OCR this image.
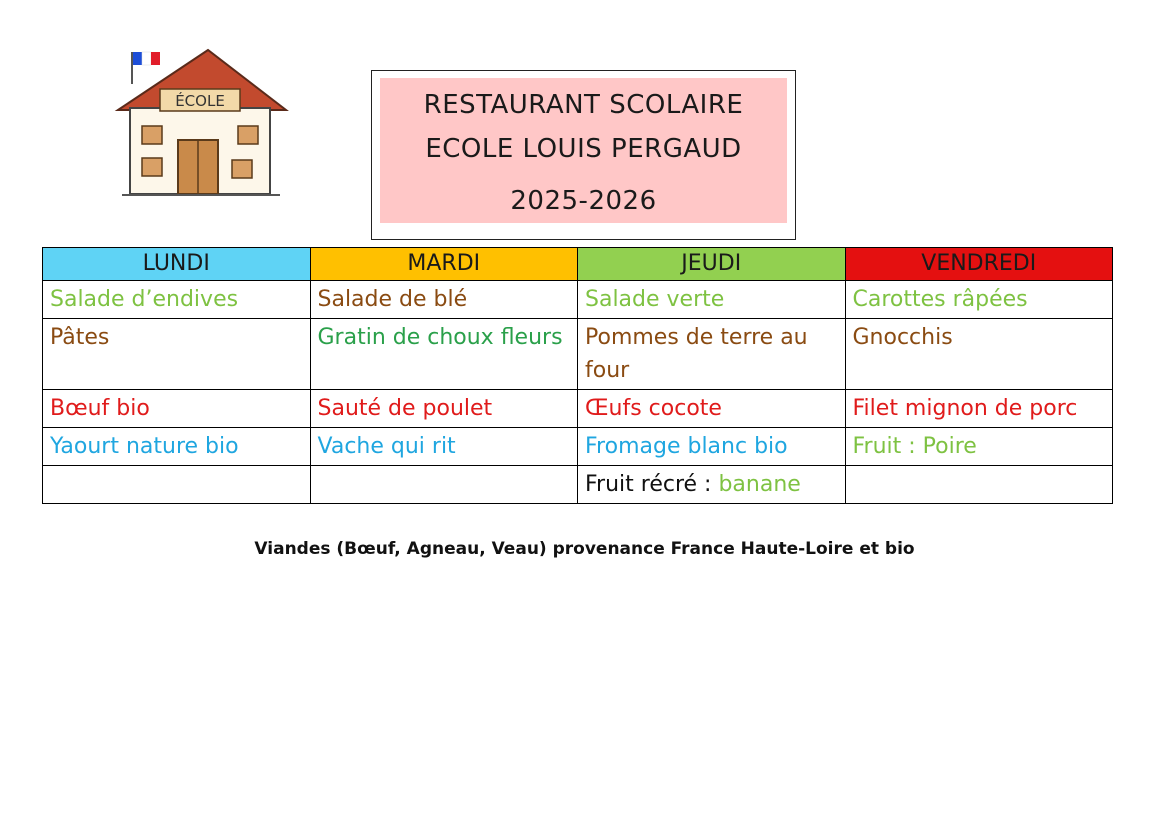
ÉCOLE	RESTAURANT SCOLAIRE
ECOLE LOUIS PERGAUD
2025-2026
LUNDI	MARDI	JEUDI	VENDREDI
Salade d’endives	Salade de blé	Salade verte	Carottes râpées
Pâtes	Gratin de choux fleurs	Pommes de terre au four	Gnocchis
Bœuf bio	Sauté de poulet	Œufs cocote	Filet mignon de porc
Yaourt nature bio	Vache qui rit	Fromage blanc bio	Fruit : Poire
		Fruit récré : banane	
Viandes (Bœuf, Agneau, Veau) provenance France Haute-Loire et bio
